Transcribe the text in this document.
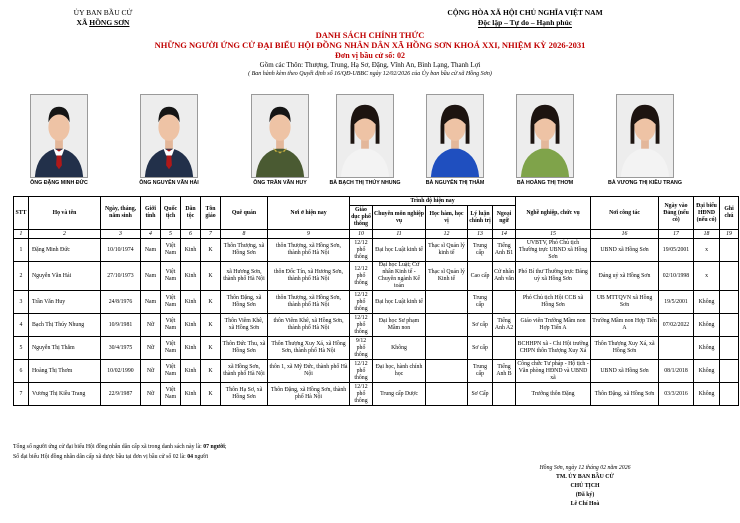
ỦY BAN BẦU CỬ
XÃ HỒNG SƠN
CỘNG HÒA XÃ HỘI CHỦ NGHĨA VIỆT NAM
Độc lập – Tự do – Hạnh phúc
DANH SÁCH CHÍNH THỨC
NHỮNG NGƯỜI ỨNG CỬ ĐẠI BIỂU HỘI ĐỒNG NHÂN DÂN XÃ HỒNG SƠN KHOÁ XXI, NHIỆM KỲ 2026-2031
Đơn vị bầu cử số: 02
Gồm các Thôn: Thượng, Trung, Hạ Sơ, Đặng, Vĩnh An, Bình Lạng, Thanh Lợi
( Ban hành kèm theo Quyết định số 16/QĐ-UBBC ngày 12/02/2026 của Ủy ban bầu cử xã Hồng Sơn)
ÔNG ĐẶNG MINH ĐỨC	ÔNG NGUYỄN VĂN HẢI	ÔNG TRẦN VĂN HUY	BÀ BẠCH THỊ THÚY NHUNG	BÀ NGUYỄN THỊ THẮM	BÀ HOÀNG THỊ THƠM	BÀ VƯƠNG THỊ KIỀU TRANG
STT	Họ và tên	Ngày, tháng, năm sinh	Giới tính	Quốc tịch	Dân tộc	Tôn giáo	Quê quán	Nơi ở hiện nay	Trình độ hiện nay					Nghề nghiệp, chức vụ	Nơi công tác	Ngày vào Đảng (nếu có)	Đại biểu HĐND (nếu có)	Ghi chú
									Giáo dục phổ thông	Chuyên môn nghiệp vụ	Học hàm, học vị	Lý luận chính trị	Ngoại ngữ					
1	2	3	4	5	6	7	8	9	10	11	12	13	14	15	16	17	18	19
1	Đặng Minh Đức	10/10/1974	Nam	Việt Nam	Kinh	K	Thôn Thượng, xã Hồng Sơn	thôn Thượng, xã Hồng Sơn, thành phố Hà Nội	12/12 phổ thông	Đại học Luật kinh tế	Thạc sĩ Quản lý kinh tế	Trung cấp	Tiếng Anh B1	UVBTV, Phó Chủ tịch Thường trực UBND xã Hồng Sơn	UBND xã Hồng Sơn	19/05/2001	x	
2	Nguyễn Văn Hải	27/10/1973	Nam	Việt Nam	Kinh	K	xã Hương Sơn, thành phố Hà Nội	thôn Đốc Tín, xã Hương Sơn, thành phố Hà Nội	12/12 phổ thông	Đại học Luật; Cử nhân Kinh tế - Chuyên ngành Kế toán	Thạc sĩ Quản lý Kinh tế	Cao cấp	Cử nhân Anh văn	Phó Bí thư Thường trực Đảng uỷ xã Hồng Sơn	Đảng uỷ xã Hồng Sơn	02/10/1998	x	
3	Trần Văn Huy	24/8/1976	Nam	Việt Nam	Kinh	K	Thôn Đặng, xã Hồng Sơn	thôn Thượng, xã Hồng Sơn, thành phố Hà Nội	12/12 phổ thông	Đại học Luật kinh tế		Trung cấp		Phó Chủ tịch Hội CCB xã Hồng Sơn	UB MTTQVN xã Hồng Sơn	19/5/2001	Không	
4	Bạch Thị Thúy Nhung	10/9/1981	Nữ	Việt Nam	Kinh	K	Thôn Viêm Khê, xã Hồng Sơn	thôn Viêm Khê, xã Hồng Sơn, thành phố Hà Nội	12/12 phổ thông	Đại học Sư phạm Mầm non		Sơ cấp	Tiếng Anh A2	Giáo viên Trường Mầm non Hợp Tiến A	Trường Mầm non Hợp Tiến A	07/02/2022	Không	
5	Nguyễn Thị Thắm	30/4/1975	Nữ	Việt Nam	Kinh	K	Thôn Đức Thu, xã Hồng Sơn	Thôn Thượng Xuy Xá, xã Hồng Sơn, thành phố Hà Nội	9/12 phổ thông	Không		Sơ cấp		BCHHPN xã - Chi Hội trưởng CHPN thôn Thượng Xuy Xá	Thôn Thượng Xuy Xá, xã Hồng Sơn		Không	
6	Hoàng Thị Thơm	10/02/1990	Nữ	Việt Nam	Kinh	K	xã Hồng Sơn, thành phố Hà Nội	thôn 1, xã Mỹ Đức, thành phố Hà Nội	12/12 phổ thông	Đại học, hành chính học		Trung cấp	Tiếng Anh B	Công chức Tư pháp - Hộ tịch - Văn phòng HĐND và UBND xã	UBND xã Hồng Sơn	08/1/2018	Không	
7	Vương Thị Kiều Trang	22/9/1987	Nữ	Việt Nam	Kinh	K	Thôn Hạ Sơ, xã Hồng Sơn	Thôn Đặng, xã Hồng Sơn, thành phố Hà Nội	12/12 phổ thông	Trung cấp Dược		Sơ Cấp		Trưởng thôn Đặng	Thôn Đặng, xã Hồng Sơn	03/3/2016	Không	
Tổng số người ứng cử đại biểu Hội đồng nhân dân cấp xã trong danh sách này là: 07 người;
Số đại biểu Hội đồng nhân dân cấp xã được bầu tại đơn vị bầu cử số 02 là: 04 người
Hồng Sơn, ngày 12 tháng 02 năm 2026
TM. ỦY BAN BẦU CỬ
CHỦ TỊCH
(Đã ký)
Lê Chí Hoà
